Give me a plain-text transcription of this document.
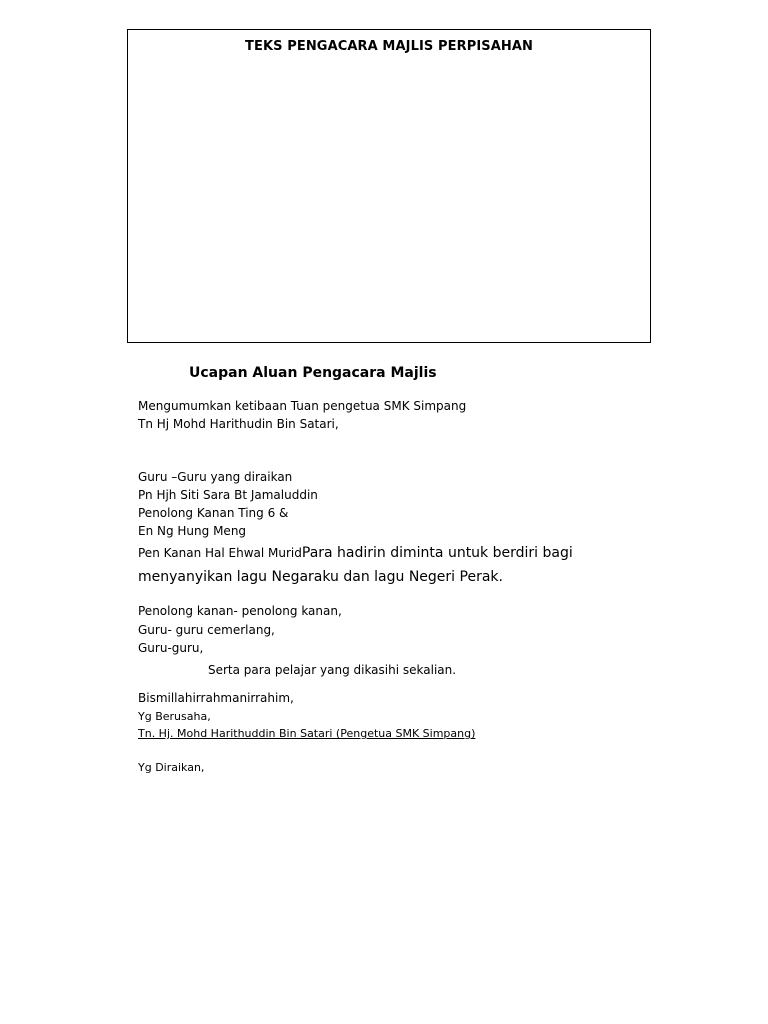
TEKS PENGACARA MAJLIS PERPISAHAN
Ucapan Aluan Pengacara Majlis
Mengumumkan ketibaan Tuan pengetua SMK Simpang
Tn Hj Mohd Harithudin Bin Satari,
Guru –Guru yang diraikan
Pn Hjh Siti Sara Bt Jamaluddin
Penolong Kanan Ting 6 &
En Ng Hung Meng
Pen Kanan Hal Ehwal MuridPara hadirin diminta untuk berdiri bagi
menyanyikan lagu Negaraku dan lagu Negeri Perak.
Penolong kanan- penolong kanan,
Guru- guru cemerlang,
Guru-guru,
Serta para pelajar yang dikasihi sekalian.
Bismillahirrahmanirrahim,
Yg Berusaha,
Tn. Hj. Mohd Harithuddin Bin Satari (Pengetua SMK Simpang)
Yg Diraikan,
